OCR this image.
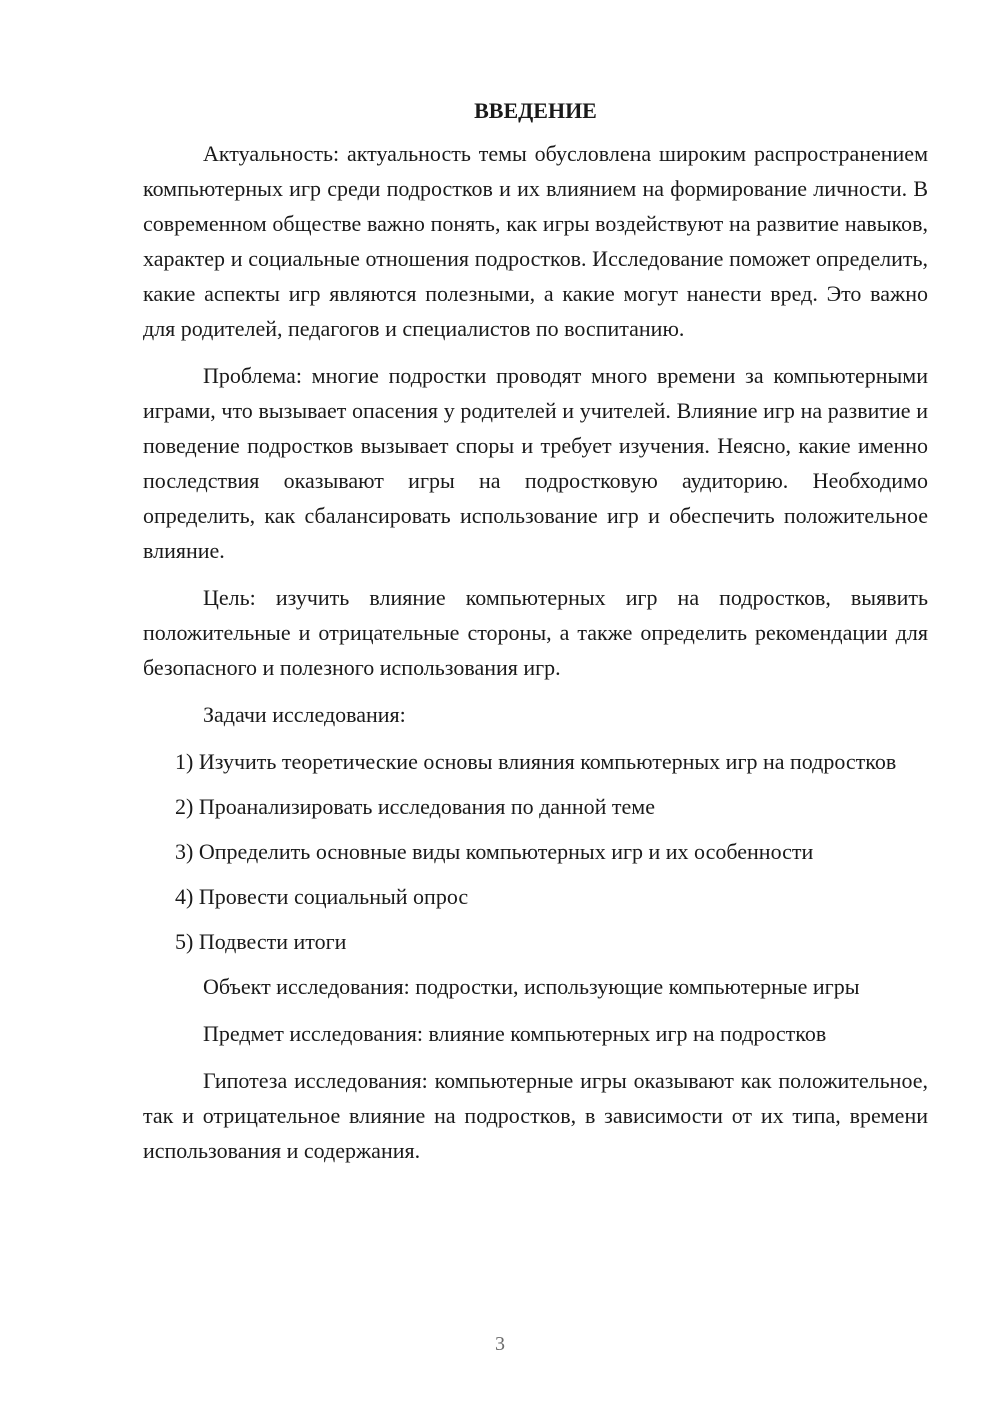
ВВЕДЕНИЕ

Актуальность: актуальность темы обусловлена широким распространением компьютерных игр среди подростков и их влиянием на формирование личности. В современном обществе важно понять, как игры воздействуют на развитие навыков, характер и социальные отношения подростков. Исследование поможет определить, какие аспекты игр являются полезными, а какие могут нанести вред. Это важно для родителей, педагогов и специалистов по воспитанию.

Проблема: многие подростки проводят много времени за компьютерными играми, что вызывает опасения у родителей и учителей. Влияние игр на развитие и поведение подростков вызывает споры и требует изучения. Неясно, какие именно последствия оказывают игры на подростковую аудиторию. Необходимо определить, как сбалансировать использование игр и обеспечить положительное влияние.

Цель: изучить влияние компьютерных игр на подростков, выявить положительные и отрицательные стороны, а также определить рекомендации для безопасного и полезного использования игр.

Задачи исследования:

1) Изучить теоретические основы влияния компьютерных игр на подростков

2) Проанализировать исследования по данной теме

3) Определить основные виды компьютерных игр и их особенности

4) Провести социальный опрос

5) Подвести итоги

Объект исследования: подростки, использующие компьютерные игры

Предмет исследования: влияние компьютерных игр на подростков

Гипотеза исследования: компьютерные игры оказывают как положительное, так и отрицательное влияние на подростков, в зависимости от их типа, времени использования и содержания.

3
